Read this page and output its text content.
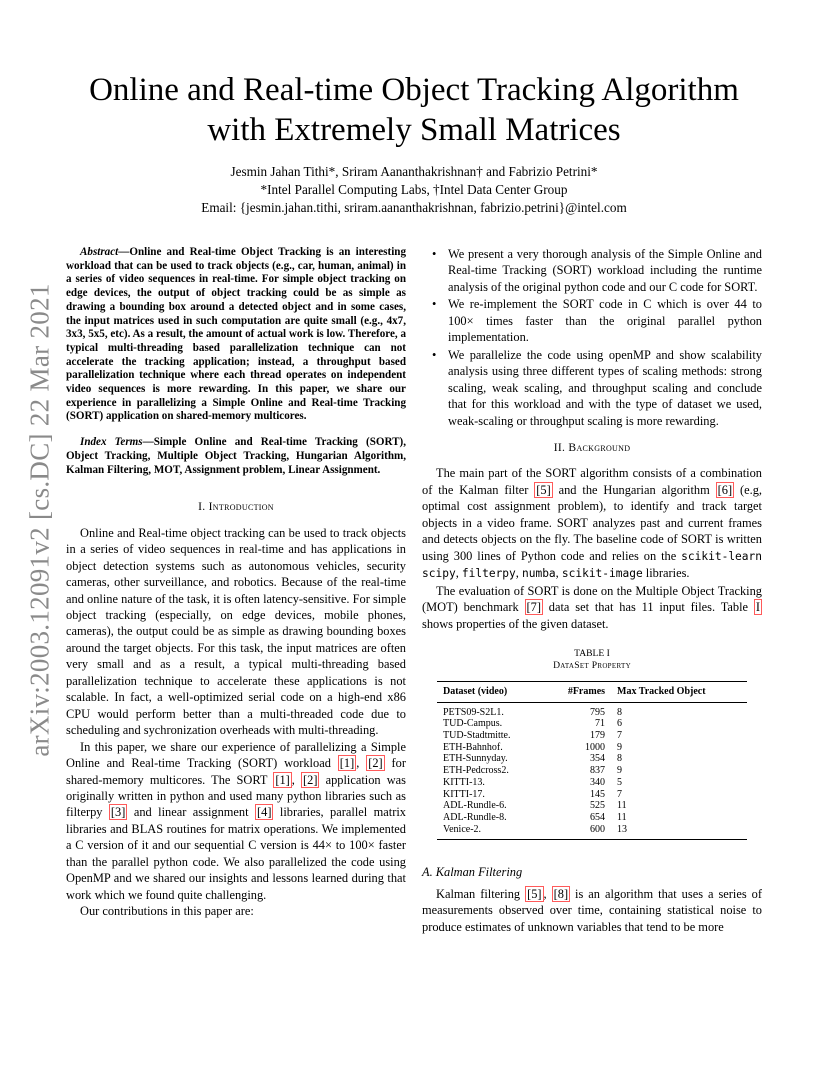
arXiv:2003.12091v2 [cs.DC] 22 Mar 2021
Online and Real-time Object Tracking Algorithm
with Extremely Small Matrices
Jesmin Jahan Tithi*, Sriram Aananthakrishnan† and Fabrizio Petrini*
*Intel Parallel Computing Labs, †Intel Data Center Group
Email: {jesmin.jahan.tithi, sriram.aananthakrishnan, fabrizio.petrini}@intel.com

Abstract—Online and Real-time Object Tracking is an interesting workload that can be used to track objects (e.g., car, human, animal) in a series of video sequences in real-time. For simple object tracking on edge devices, the output of object tracking could be as simple as drawing a bounding box around a detected object and in some cases, the input matrices used in such computation are quite small (e.g., 4x7, 3x3, 5x5, etc). As a result, the amount of actual work is low. Therefore, a typical multi-threading based parallelization technique can not accelerate the tracking application; instead, a throughput based parallelization technique where each thread operates on independent video sequences is more rewarding. In this paper, we share our experience in parallelizing a Simple Online and Real-time Tracking (SORT) application on shared-memory multicores.

Index Terms—Simple Online and Real-time Tracking (SORT), Object Tracking, Multiple Object Tracking, Hungarian Algorithm, Kalman Filtering, MOT, Assignment problem, Linear Assignment.

I. Introduction

Online and Real-time object tracking can be used to track objects in a series of video sequences in real-time and has applications in object detection systems such as autonomous vehicles, security cameras, other surveillance, and robotics. Because of the real-time and online nature of the task, it is often latency-sensitive. For simple object tracking (especially, on edge devices, mobile phones, cameras), the output could be as simple as drawing bounding boxes around the target objects. For this task, the input matrices are often very small and as a result, a typical multi-threading based parallelization technique to accelerate these applications is not scalable. In fact, a well-optimized serial code on a high-end x86 CPU would perform better than a multi-threaded code due to scheduling and sychronization overheads with multi-threading.

In this paper, we share our experience of parallelizing a Simple Online and Real-time Tracking (SORT) workload [1] , [2] for shared-memory multicores. The SORT [1] , [2] application was originally written in python and used many python libraries such as filterpy [3] and linear assignment [4] libraries, parallel matrix libraries and BLAS routines for matrix operations. We implemented a C version of it and our sequential C version is 44× to 100× faster than the parallel python code. We also parallelized the code using OpenMP and we shared our insights and lessons learned during that work which we found quite challenging.

Our contributions in this paper are:

• We present a very thorough analysis of the Simple Online and Real-time Tracking (SORT) workload including the runtime analysis of the original python code and our C code for SORT.
• We re-implement the SORT code in C which is over 44 to 100× times faster than the original parallel python implementation.
• We parallelize the code using openMP and show scalability analysis using three different types of scaling methods: strong scaling, weak scaling, and throughput scaling and conclude that for this workload and with the type of dataset we used, weak-scaling or throughput scaling is more rewarding.
II. Background

The main part of the SORT algorithm consists of a combination of the Kalman filter [5] and the Hungarian algorithm [6] (e.g, optimal cost assignment problem), to identify and track target objects in a video frame. SORT analyzes past and current frames and detects objects on the fly. The baseline code of SORT is written using 300 lines of Python code and relies on the scikit-learn scipy, filterpy, numba, scikit-image libraries.

The evaluation of SORT is done on the Multiple Object Tracking (MOT) benchmark [7] data set that has 11 input files. Table I shows properties of the given dataset.

TABLE I
DataSet Property
Dataset (video)	#Frames	Max Tracked Object
PETS09-S2L1.	795	8
TUD-Campus.	71	6
TUD-Stadtmitte.	179	7
ETH-Bahnhof.	1000	9
ETH-Sunnyday.	354	8
ETH-Pedcross2.	837	9
KITTI-13.	340	5
KITTI-17.	145	7
ADL-Rundle-6.	525	11
ADL-Rundle-8.	654	11
Venice-2.	600	13
A. Kalman Filtering

Kalman filtering [5] , [8] is an algorithm that uses a series of measurements observed over time, containing statistical noise to produce estimates of unknown variables that tend to be more
